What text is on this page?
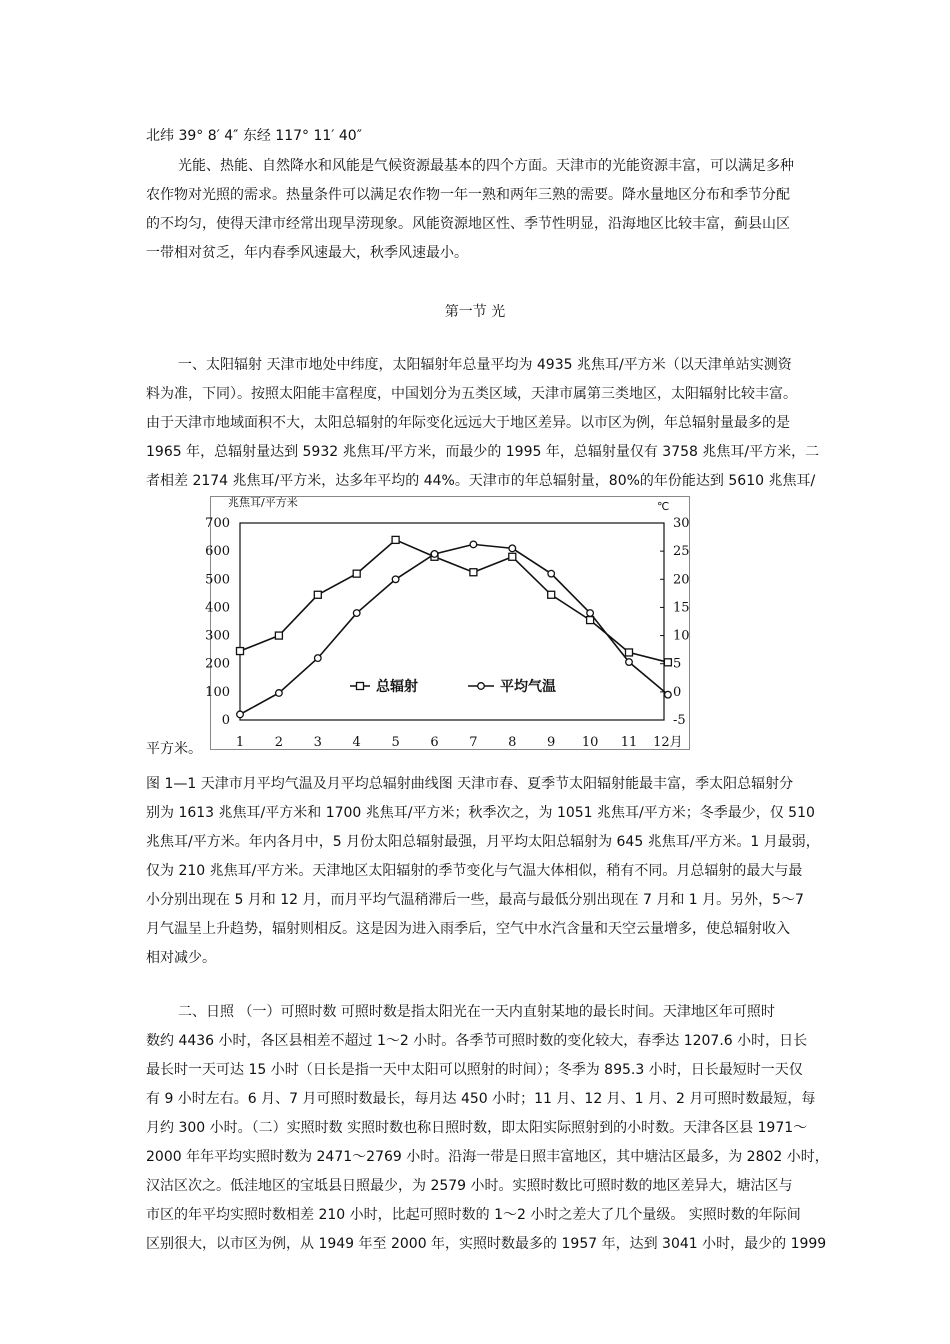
光能、热能、自然降水和风能是气候资源最基本的四个方面。天津市的光能资源丰富，可以满足多种
农作物对光照的需求。热量条件可以满足农作物一年一熟和两年三熟的需要。降水量地区分布和季节分配
的不均匀，使得天津市经常出现旱涝现象。风能资源地区性、季节性明显，沿海地区比较丰富，蓟县山区
一带相对贫乏，年内春季风速最大，秋季风速最小。
一、太阳辐射 天津市地处中纬度，太阳辐射年总量平均为 4935 兆焦耳/平方米（以天津单站实测资
料为准，下同）。按照太阳能丰富程度，中国划分为五类区域，天津市属第三类地区，太阳辐射比较丰富。
由于天津市地域面积不大，太阳总辐射的年际变化远远大于地区差异。以市区为例，年总辐射量最多的是
1965 年，总辐射量达到 5932 兆焦耳/平方米，而最少的 1995 年，总辐射量仅有 3758 兆焦耳/平方米，二
者相差 2174 兆焦耳/平方米，达多年平均的 44%。天津市的年总辐射量，80%的年份能达到 5610 兆焦耳/
图 1—1 天津市月平均气温及月平均总辐射曲线图 天津市春、夏季节太阳辐射能最丰富，季太阳总辐射分
别为 1613 兆焦耳/平方米和 1700 兆焦耳/平方米；秋季次之，为 1051 兆焦耳/平方米；冬季最少，仅 510
兆焦耳/平方米。年内各月中，5 月份太阳总辐射最强，月平均太阳总辐射为 645 兆焦耳/平方米。1 月最弱，
仅为 210 兆焦耳/平方米。天津地区太阳辐射的季节变化与气温大体相似，稍有不同。月总辐射的最大与最
小分别出现在 5 月和 12 月，而月平均气温稍滞后一些，最高与最低分别出现在 7 月和 1 月。另外，5～7
月气温呈上升趋势，辐射则相反。这是因为进入雨季后，空气中水汽含量和天空云量增多，使总辐射收入
相对减少。
二、日照 （一）可照时数 可照时数是指太阳光在一天内直射某地的最长时间。天津地区年可照时
数约 4436 小时，各区县相差不超过 1～2 小时。各季节可照时数的变化较大，春季达 1207.6 小时，日长
最长时一天可达 15 小时（日长是指一天中太阳可以照射的时间）；冬季为 895.3 小时，日长最短时一天仅
有 9 小时左右。6 月、7 月可照时数最长，每月达 450 小时；11 月、12 月、1 月、2 月可照时数最短，每
月约 300 小时。（二）实照时数 实照时数也称日照时数，即太阳实际照射到的小时数。天津各区县 1971～
2000 年年平均实照时数为 2471～2769 小时。沿海一带是日照丰富地区，其中塘沽区最多，为 2802 小时，
汉沽区次之。低洼地区的宝坻县日照最少，为 2579 小时。实照时数比可照时数的地区差异大，塘沽区与
市区的年平均实照时数相差 210 小时，比起可照时数的 1～2 小时之差大了几个量级。 实照时数的年际间
区别很大，以市区为例，从 1949 年至 2000 年，实照时数最多的 1957 年，达到 3041 小时，最少的 1999
北纬 39° 8′ 4″ 东经 117° 11′ 40″
第一节 光
平方米。
兆焦耳/平方米	℃
700
600
500
400
300
200
100
0
30
25
20
15
10
5
0
-5
1 2 3 4 5 6 7 8 9 10 11 12月
总辐射	平均气温
